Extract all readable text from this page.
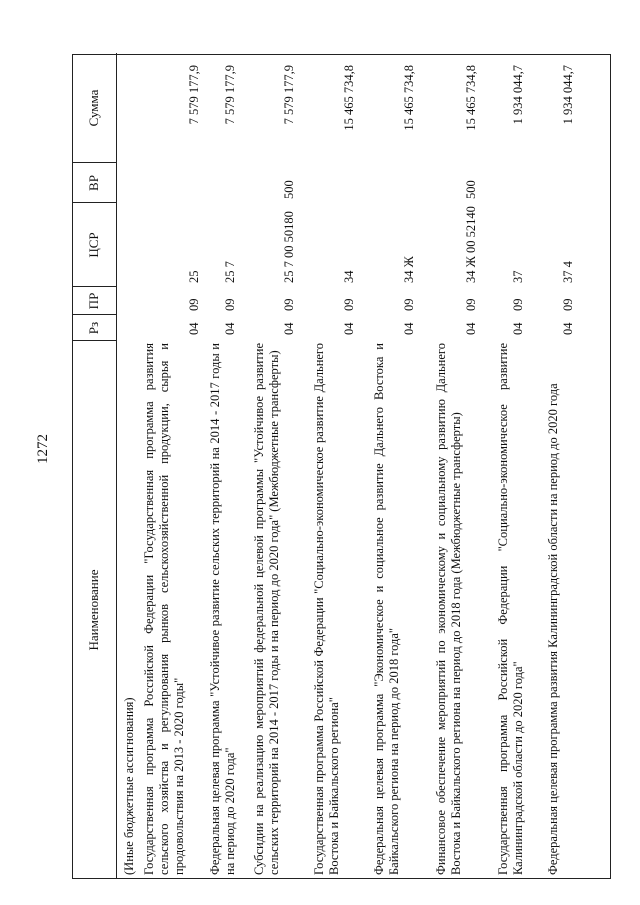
1272
Наименование
Рз
ПР
ЦСР
ВР
Сумма
(Иные бюджетные ассигнования) Государственная программа Российской Федерации "Государственная программа развития сельского хозяйства и регулирования рынков сельскохозяйственной продукции, сырья и продовольствия на 2013 - 2020 годы"
04
09
25
7 579 177,9
Федеральная целевая программа "Устойчивое развитие сельских территорий на 2014 - 2017 годы и на период до 2020 года"
04
09
25 7
7 579 177,9
Субсидии на реализацию мероприятий федеральной целевой программы "Устойчивое развитие сельских территорий на 2014 - 2017 годы и на период до 2020 года" (Межбюджетные трансферты)
04
09
25 7 00 50180
500
7 579 177,9
Государственная программа Российской Федерации "Социально-экономическое развитие Дальнего Востока и Байкальского региона"
04
09
34
15 465 734,8
Федеральная целевая программа "Экономическое и социальное развитие Дальнего Востока и Байкальского региона на период до 2018 года"
04
09
34 Ж
15 465 734,8
Финансовое обеспечение мероприятий по экономическому и социальному развитию Дальнего Востока и Байкальского региона на период до 2018 года (Межбюджетные трансферты)
04
09
34 Ж 00 52140
500
15 465 734,8
Государственная программа Российской Федерации "Социально-экономическое развитие Калининградской области до 2020 года"
04
09
37
1 934 044,7
Федеральная целевая программа развития Калининградской области на период до 2020 года
04
09
37 4
1 934 044,7
